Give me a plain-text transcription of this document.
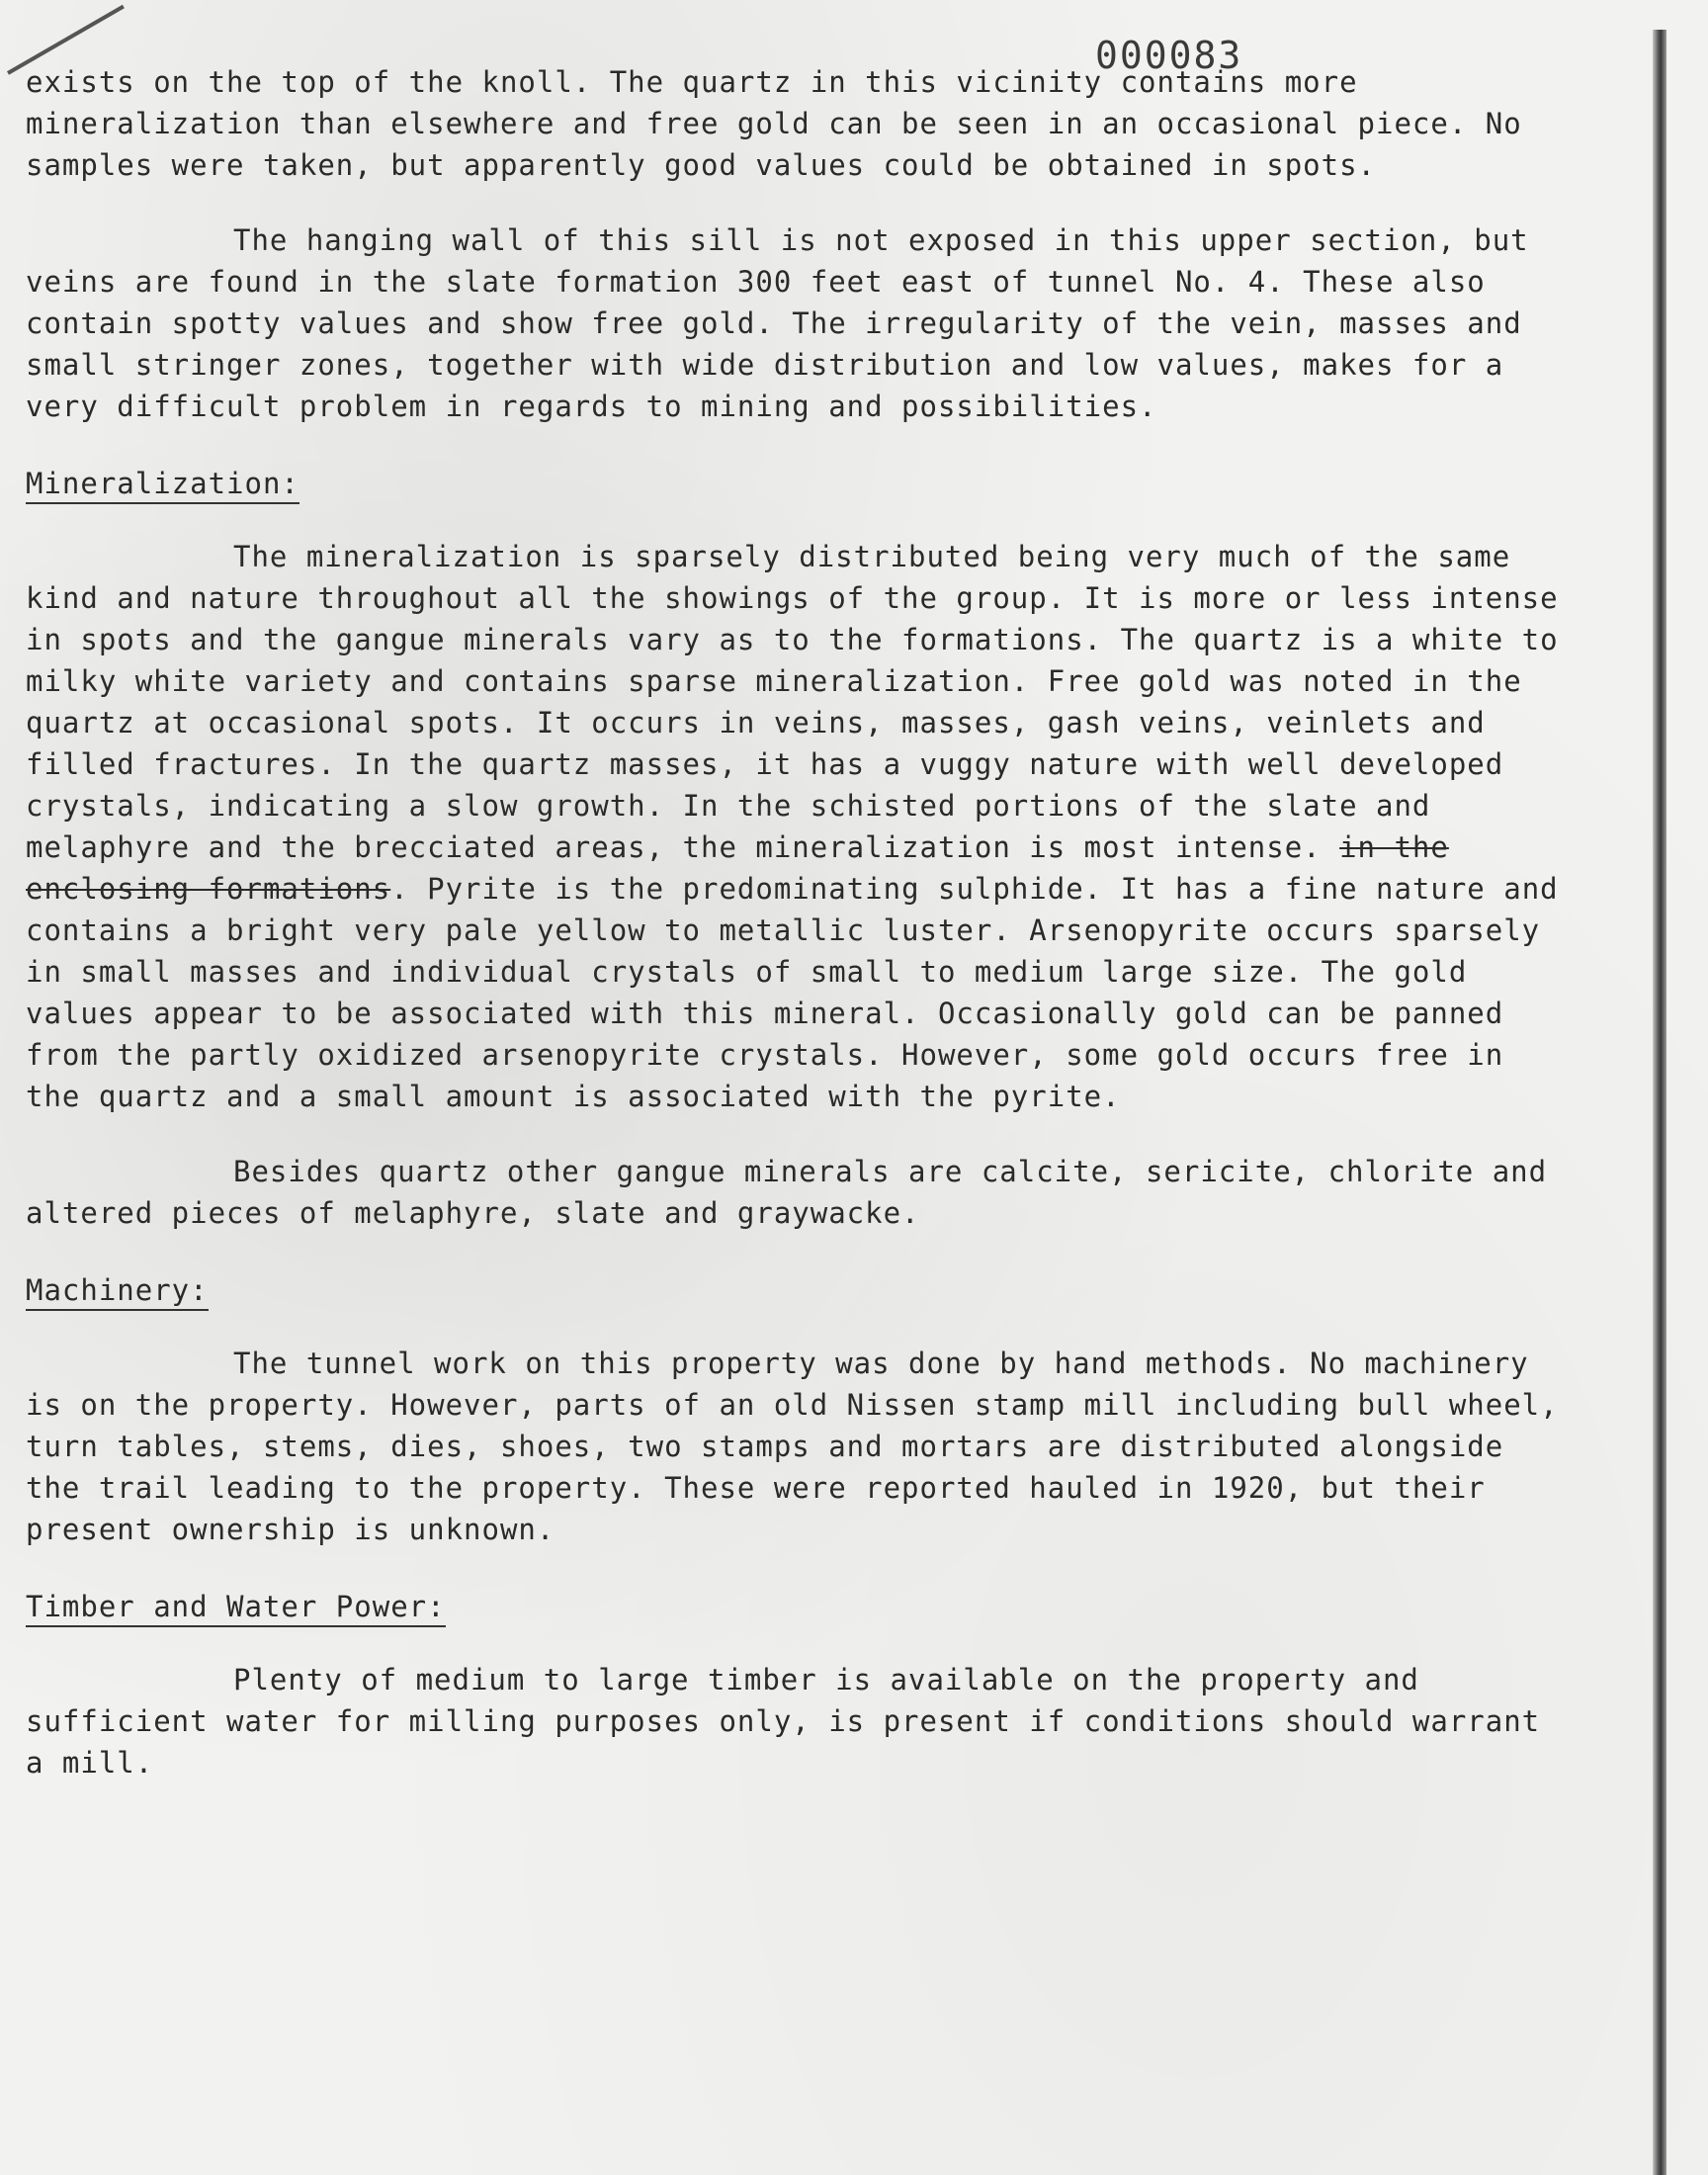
000083

exists on the top of the knoll. The quartz in this vicinity contains more mineralization than elsewhere and free gold can be seen in an occasional piece. No samples were taken, but apparently good values could be obtained in spots.

The hanging wall of this sill is not exposed in this upper section, but veins are found in the slate formation 300 feet east of tunnel No. 4. These also contain spotty values and show free gold. The irregularity of the vein, masses and small stringer zones, together with wide distribution and low values, makes for a very difficult problem in regards to mining and possibilities.

Mineralization:

The mineralization is sparsely distributed being very much of the same kind and nature throughout all the showings of the group. It is more or less intense in spots and the gangue minerals vary as to the formations. The quartz is a white to milky white variety and contains sparse mineralization. Free gold was noted in the quartz at occasional spots. It occurs in veins, masses, gash veins, veinlets and filled fractures. In the quartz masses, it has a vuggy nature with well developed crystals, indicating a slow growth. In the schisted portions of the slate and melaphyre and the brecciated areas, the mineralization is most intense. in the enclosing formations. Pyrite is the predominating sulphide. It has a fine nature and contains a bright very pale yellow to metallic luster. Arsenopyrite occurs sparsely in small masses and individual crystals of small to medium large size. The gold values appear to be associated with this mineral. Occasionally gold can be panned from the partly oxidized arsenopyrite crystals. However, some gold occurs free in the quartz and a small amount is associated with the pyrite.

Besides quartz other gangue minerals are calcite, sericite, chlorite and altered pieces of melaphyre, slate and graywacke.

Machinery:

The tunnel work on this property was done by hand methods. No machinery is on the property. However, parts of an old Nissen stamp mill including bull wheel, turn tables, stems, dies, shoes, two stamps and mortars are distributed alongside the trail leading to the property. These were reported hauled in 1920, but their present ownership is unknown.

Timber and Water Power:

Plenty of medium to large timber is available on the property and sufficient water for milling purposes only, is present if conditions should warrant a mill.
